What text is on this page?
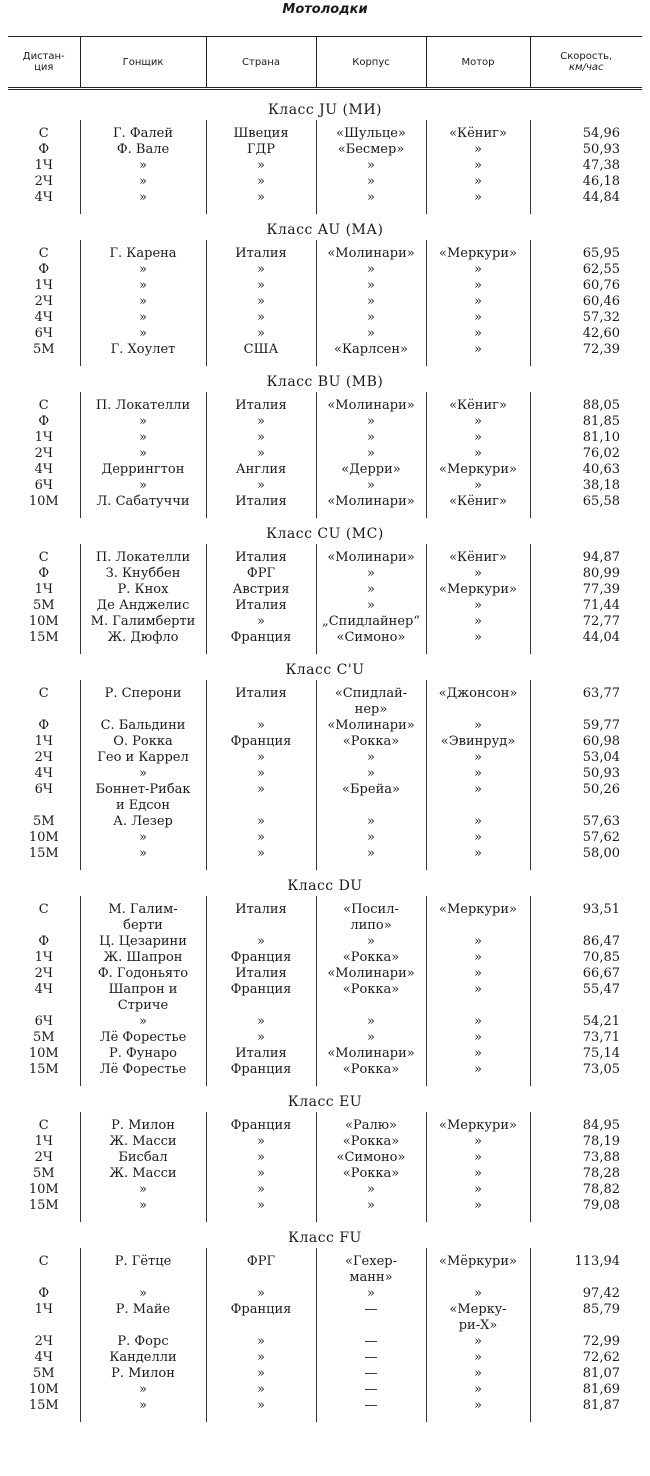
Мотолодки
Дистан-
ция	Гонщик	Страна	Корпус	Мотор	Скорость,
км/час
Класс JU (МИ)					

С	Г. Фалей	Швеция	«Шульце»	«Кёниг»	54,96
Ф	Ф. Вале	ГДР	«Бесмер»	»	50,93
1Ч	»	»	»	»	47,38
2Ч	»	»	»	»	46,18
4Ч	»	»	»	»	44,84
Класс AU (МА)					

С	Г. Карена	Италия	«Молинари»	«Меркури»	65,95
Ф	»	»	»	»	62,55
1Ч	»	»	»	»	60,76
2Ч	»	»	»	»	60,46
4Ч	»	»	»	»	57,32
6Ч	»	»	»	»	42,60
5М	Г. Хоулет	США	«Карлсен»	»	72,39
Класс BU (МВ)					

С	П. Локателли	Италия	«Молинари»	«Кёниг»	88,05
Ф	»	»	»	»	81,85
1Ч	»	»	»	»	81,10
2Ч	»	»	»	»	76,02
4Ч	Деррингтон	Англия	«Дерри»	«Меркури»	40,63
6Ч	»	»	»	»	38,18
10М	Л. Сабатуччи	Италия	«Молинари»	«Кёниг»	65,58
Класс CU (МС)					

С	П. Локателли	Италия	«Молинари»	«Кёниг»	94,87
Ф	З. Кнуббен	ФРГ	»	»	80,99
1Ч	Р. Кнох	Австрия	»	«Меркури»	77,39
5М	Де Анджелис	Италия	»	»	71,44
10М	М. Галимберти	»	„Спидлайнер“	»	72,77
15М	Ж. Дюфло	Франция	«Симоно»	»	44,04
Класс С'U					

С	Р. Сперони	Италия	«Спидлай-
нер»	«Джонсон»	63,77
Ф	С. Бальдини	»	«Молинари»	»	59,77
1Ч	О. Рокка	Франция	«Рокка»	«Эвинруд»	60,98
2Ч	Гео и Каррел	»	»	»	53,04
4Ч	»	»	»	»	50,93
6Ч	Боннет-Рибак
и Едсон	»	«Брейа»	»	50,26
5М	А. Лезер	»	»	»	57,63
10М	»	»	»	»	57,62
15М	»	»	»	»	58,00
Класс DU					

С	М. Галим-
берти	Италия	«Посил-
липо»	«Меркури»	93,51
Ф	Ц. Цезарини	»	»	»	86,47
1Ч	Ж. Шапрон	Франция	«Рокка»	»	70,85
2Ч	Ф. Годоньято	Италия	«Молинари»	»	66,67
4Ч	Шапрон и
Стриче	Франция	«Рокка»	»	55,47
6Ч	»	»	»	»	54,21
5М	Лё Форестье	»	»	»	73,71
10М	Р. Фунаро	Италия	«Молинари»	»	75,14
15М	Лё Форестье	Франция	«Рокка»	»	73,05
Класс EU					

С	Р. Милон	Франция	«Ралю»	«Меркури»	84,95
1Ч	Ж. Масси	»	«Рокка»	»	78,19
2Ч	Бисбал	»	«Симоно»	»	73,88
5М	Ж. Масси	»	«Рокка»	»	78,28
10М	»	»	»	»	78,82
15М	»	»	»	»	79,08
Класс FU					

С	Р. Гётце	ФРГ	«Гехер-
манн»	«Мёркури»	113,94
Ф	»	»	»	»	97,42
1Ч	Р. Майе	Франция	—	«Меркy-
ри-Х»	85,79
2Ч	Р. Форс	»	—	»	72,99
4Ч	Канделли	»	—	»	72,62
5М	Р. Милон	»	—	»	81,07
10М	»	»	—	»	81,69
15М	»	»	—	»	81,87
